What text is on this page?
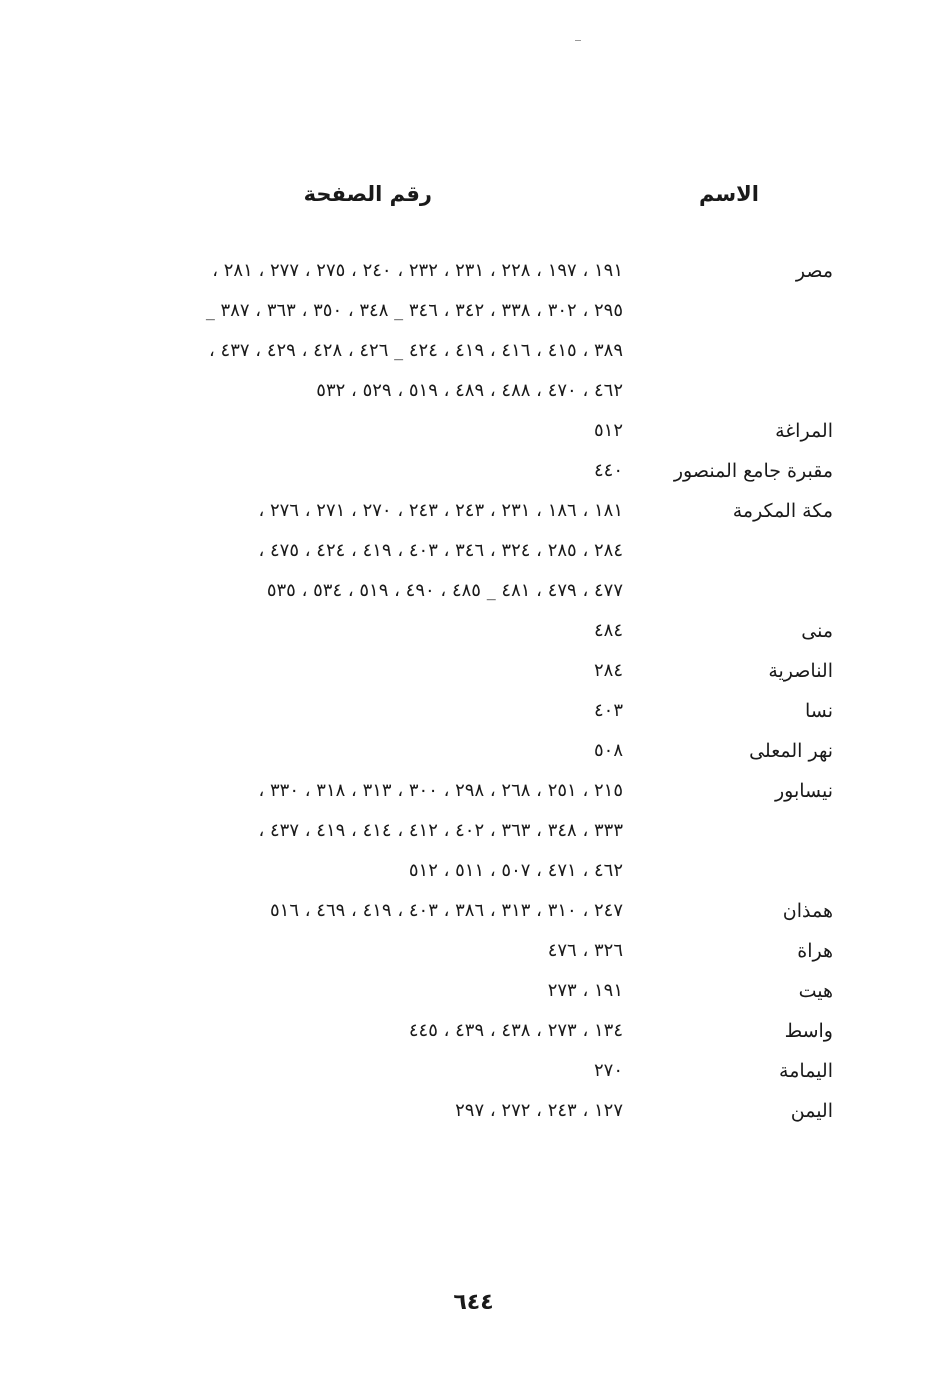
الاسم
رقم الصفحة
مصر
١٩١ ، ١٩٧ ، ٢٢٨ ، ٢٣١ ، ٢٣٢ ، ٢٤٠ ، ٢٧٥ ، ٢٧٧ ، ٢٨١ ،
٢٩٥ ، ٣٠٢ ، ٣٣٨ ، ٣٤٢ ، ٣٤٦ _ ٣٤٨ ، ٣٥٠ ، ٣٦٣ ، ٣٨٧ _
٣٨٩ ، ٤١٥ ، ٤١٦ ، ٤١٩ ، ٤٢٤ _ ٤٢٦ ، ٤٢٨ ، ٤٢٩ ، ٤٣٧ ،
٤٦٢ ، ٤٧٠ ، ٤٨٨ ، ٤٨٩ ، ٥١٩ ، ٥٢٩ ، ٥٣٢
المراغة
٥١٢
مقبرة جامع المنصور
٤٤٠
مكة المكرمة
١٨١ ، ١٨٦ ، ٢٣١ ، ٢٤٣ ، ٢٤٣ ، ٢٧٠ ، ٢٧١ ، ٢٧٦ ،
٢٨٤ ، ٢٨٥ ، ٣٢٤ ، ٣٤٦ ، ٤٠٣ ، ٤١٩ ، ٤٢٤ ، ٤٧٥ ،
٤٧٧ ، ٤٧٩ ، ٤٨١ _ ٤٨٥ ، ٤٩٠ ، ٥١٩ ، ٥٣٤ ، ٥٣٥
منى
٤٨٤
الناصرية
٢٨٤
نسا
٤٠٣
نهر المعلى
٥٠٨
نيسابور
٢١٥ ، ٢٥١ ، ٢٦٨ ، ٢٩٨ ، ٣٠٠ ، ٣١٣ ، ٣١٨ ، ٣٣٠ ،
٣٣٣ ، ٣٤٨ ، ٣٦٣ ، ٤٠٢ ، ٤١٢ ، ٤١٤ ، ٤١٩ ، ٤٣٧ ،
٤٦٢ ، ٤٧١ ، ٥٠٧ ، ٥١١ ، ٥١٢
همذان
٢٤٧ ، ٣١٠ ، ٣١٣ ، ٣٨٦ ، ٤٠٣ ، ٤١٩ ، ٤٦٩ ، ٥١٦
هراة
٣٢٦ ، ٤٧٦
هيت
١٩١ ، ٢٧٣
واسط
١٣٤ ، ٢٧٣ ، ٤٣٨ ، ٤٣٩ ، ٤٤٥
اليمامة
٢٧٠
اليمن
١٢٧ ، ٢٤٣ ، ٢٧٢ ، ٢٩٧
٦٤٤
